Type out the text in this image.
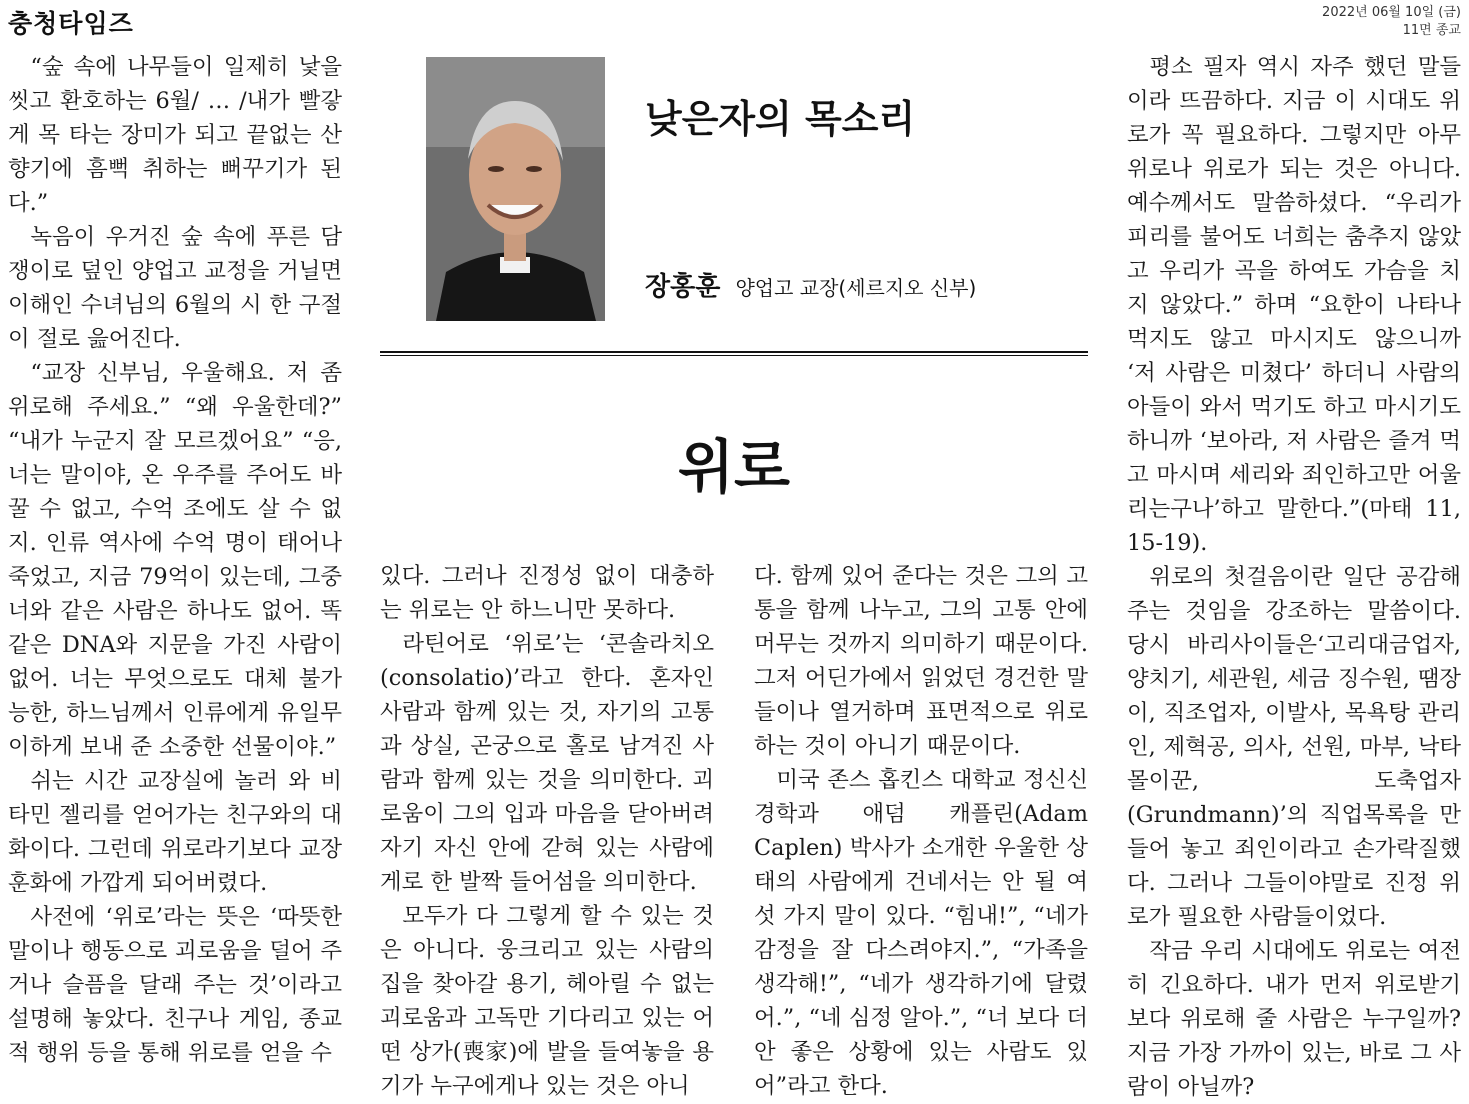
충청타임즈	2022년 06월 10일 (금)
11면 종교

“숲 속에 나무들이 일제히 낯을 씻고 환호하는 6월/ … /내가 빨갛게 목 타는 장미가 되고 끝없는 산 향기에 흠뻑 취하는 뻐꾸기가 된다.”

녹음이 우거진 숲 속에 푸른 담쟁이로 덮인 양업고 교정을 거닐면 이해인 수녀님의 6월의 시 한 구절이 절로 읊어진다.

“교장 신부님, 우울해요. 저 좀 위로해 주세요.” “왜 우울한데?” “내가 누군지 잘 모르겠어요” “응, 너는 말이야, 온 우주를 주어도 바꿀 수 없고, 수억 조에도 살 수 없지. 인류 역사에 수억 명이 태어나 죽었고, 지금 79억이 있는데, 그중 너와 같은 사람은 하나도 없어. 똑같은 DNA와 지문을 가진 사람이 없어. 너는 무엇으로도 대체 불가능한, 하느님께서 인류에게 유일무이하게 보내 준 소중한 선물이야.”

쉬는 시간 교장실에 놀러 와 비타민 젤리를 얻어가는 친구와의 대화이다. 그런데 위로라기보다 교장 훈화에 가깝게 되어버렸다.

사전에 ‘위로’라는 뜻은 ‘따뜻한 말이나 행동으로 괴로움을 덜어 주거나 슬픔을 달래 주는 것’이라고 설명해 놓았다. 친구나 게임, 종교적 행위 등을 통해 위로를 얻을 수

낮은자의 목소리
장홍훈 양업고 교장(세르지오 신부)
위로

있다. 그러나 진정성 없이 대충하는 위로는 안 하느니만 못하다.

라틴어로 ‘위로’는 ‘콘솔라치오(consolatio)’라고 한다. 혼자인 사람과 함께 있는 것, 자기의 고통과 상실, 곤궁으로 홀로 남겨진 사람과 함께 있는 것을 의미한다. 괴로움이 그의 입과 마음을 닫아버려 자기 자신 안에 갇혀 있는 사람에게로 한 발짝 들어섬을 의미한다.

모두가 다 그렇게 할 수 있는 것은 아니다. 웅크리고 있는 사람의 집을 찾아갈 용기, 헤아릴 수 없는 괴로움과 고독만 기다리고 있는 어떤 상가(喪家)에 발을 들여놓을 용기가 누구에게나 있는 것은 아니

다. 함께 있어 준다는 것은 그의 고통을 함께 나누고, 그의 고통 안에 머무는 것까지 의미하기 때문이다. 그저 어딘가에서 읽었던 경건한 말들이나 열거하며 표면적으로 위로하는 것이 아니기 때문이다.

미국 존스 홉킨스 대학교 정신신경학과 애덤 캐플린(Adam Caplen) 박사가 소개한 우울한 상태의 사람에게 건네서는 안 될 여섯 가지 말이 있다. “힘내!”, “네가 감정을 잘 다스려야지.”, “가족을 생각해!”, “네가 생각하기에 달렸어.”, “네 심정 알아.”, “너 보다 더 안 좋은 상황에 있는 사람도 있어”라고 한다.

평소 필자 역시 자주 했던 말들이라 뜨끔하다. 지금 이 시대도 위로가 꼭 필요하다. 그렇지만 아무 위로나 위로가 되는 것은 아니다. 예수께서도 말씀하셨다. “우리가 피리를 불어도 너희는 춤추지 않았고 우리가 곡을 하여도 가슴을 치지 않았다.” 하며 “요한이 나타나 먹지도 않고 마시지도 않으니까 ‘저 사람은 미쳤다’ 하더니 사람의 아들이 와서 먹기도 하고 마시기도 하니까 ‘보아라, 저 사람은 즐겨 먹고 마시며 세리와 죄인하고만 어울리는구나’하고 말한다.”(마태 11, 15-19).

위로의 첫걸음이란 일단 공감해 주는 것임을 강조하는 말씀이다. 당시 바리사이들은‘고리대금업자, 양치기, 세관원, 세금 징수원, 땜장이, 직조업자, 이발사, 목욕탕 관리인, 제혁공, 의사, 선원, 마부, 낙타몰이꾼, 도축업자(Grundmann)’의 직업목록을 만들어 놓고 죄인이라고 손가락질했다. 그러나 그들이야말로 진정 위로가 필요한 사람들이었다.

작금 우리 시대에도 위로는 여전히 긴요하다. 내가 먼저 위로받기보다 위로해 줄 사람은 누구일까? 지금 가장 가까이 있는, 바로 그 사람이 아닐까?
